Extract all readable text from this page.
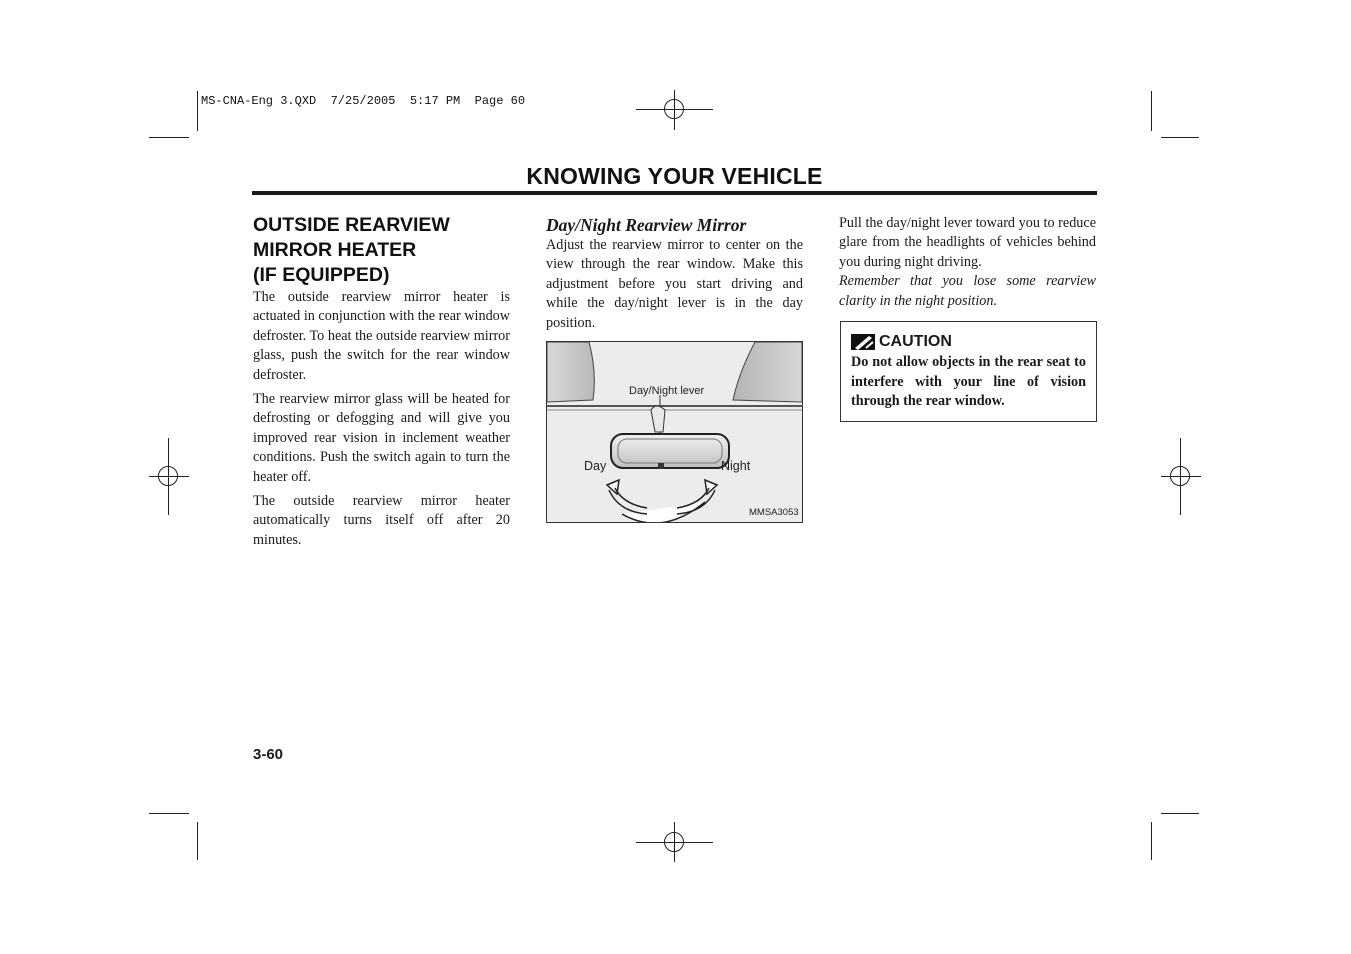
MS-CNA-Eng 3.QXD  7/25/2005  5:17 PM  Page 60
KNOWING YOUR VEHICLE
OUTSIDE REARVIEW
MIRROR HEATER
(IF EQUIPPED)

The outside rearview mirror heater is actuated in conjunction with the rear window defroster. To heat the outside rearview mirror glass, push the switch for the rear window defroster.

The rearview mirror glass will be heated for defrosting or defogging and will give you improved rear vision in inclement weather conditions. Push the switch again to turn the heater off.

The outside rearview mirror heater automatically turns itself off after 20 minutes.

Day/Night Rearview Mirror

Adjust the rearview mirror to center on the view through the rear window. Make this adjustment before you start driving and while the day/night lever is in the day position.

Day/Night lever
Day	Night
MMSA3053

Pull the day/night lever toward you to reduce glare from the headlights of vehicles behind you during night driving.

Remember that you lose some rearview clarity in the night position.

CAUTION
Do not allow objects in the rear seat to interfere with your line of vision through the rear window.
3-60
